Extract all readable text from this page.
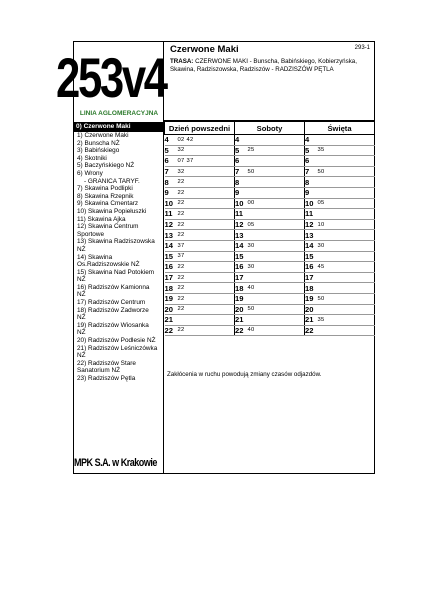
253v4
LINIA AGLOMERACYJNA
0) Czerwone Maki
1) Czerwone Maki
2) Bunscha NŻ
3) Babińskiego
4) Skotniki
5) Baczyńskiego NŻ
6) Wrony
- GRANICA TARYF.
7) Skawina Podlipki
8) Skawina Rzepnik
9) Skawina Cmentarz
10) Skawina Popiełuszki
11) Skawina Ajka
12) Skawina Centrum
Sportowe
13) Skawina Radziszowska
NŻ
14) Skawina
Os.Radziszowskie NŻ
15) Skawina Nad Potokiem
NŻ
16) Radziszów Kamionna
NŻ
17) Radziszów Centrum
18) Radziszów Zadworze
NŻ
19) Radziszów Wiosanka
NŻ
20) Radziszów Podlesie NŻ
21) Radziszów Leśniczówka
NŻ
22) Radziszów Stare
Sanatorium NŻ
23) Radziszów Pętla
MPK S.A. w Krakowie
Czerwone Maki	293-1
TRASA: CZERWONE MAKI - Bunscha, Babińskiego, Kobierzyńska, Skawina, Radziszowska, Radziszów - RADZISZÓW PĘTLA
Dzień powszedni		Soboty		Święta	
4	02 42	4		4	
5	32	5	25	5	35
6	07 37	6		6	
7	32	7	50	7	50
8	22	8		8	
9	22	9		9	
10	22	10	00	10	05
11	22	11		11	
12	22	12	05	12	10
13	22	13		13	
14	37	14	30	14	30
15	37	15		15	
16	22	16	30	16	45
17	22	17		17	
18	22	18	40	18	
19	22	19		19	50
20	22	20	50	20	
21		21		21	35
22	22	22	40	22	
Zakłócenia w ruchu powodują zmiany czasów odjazdów.
